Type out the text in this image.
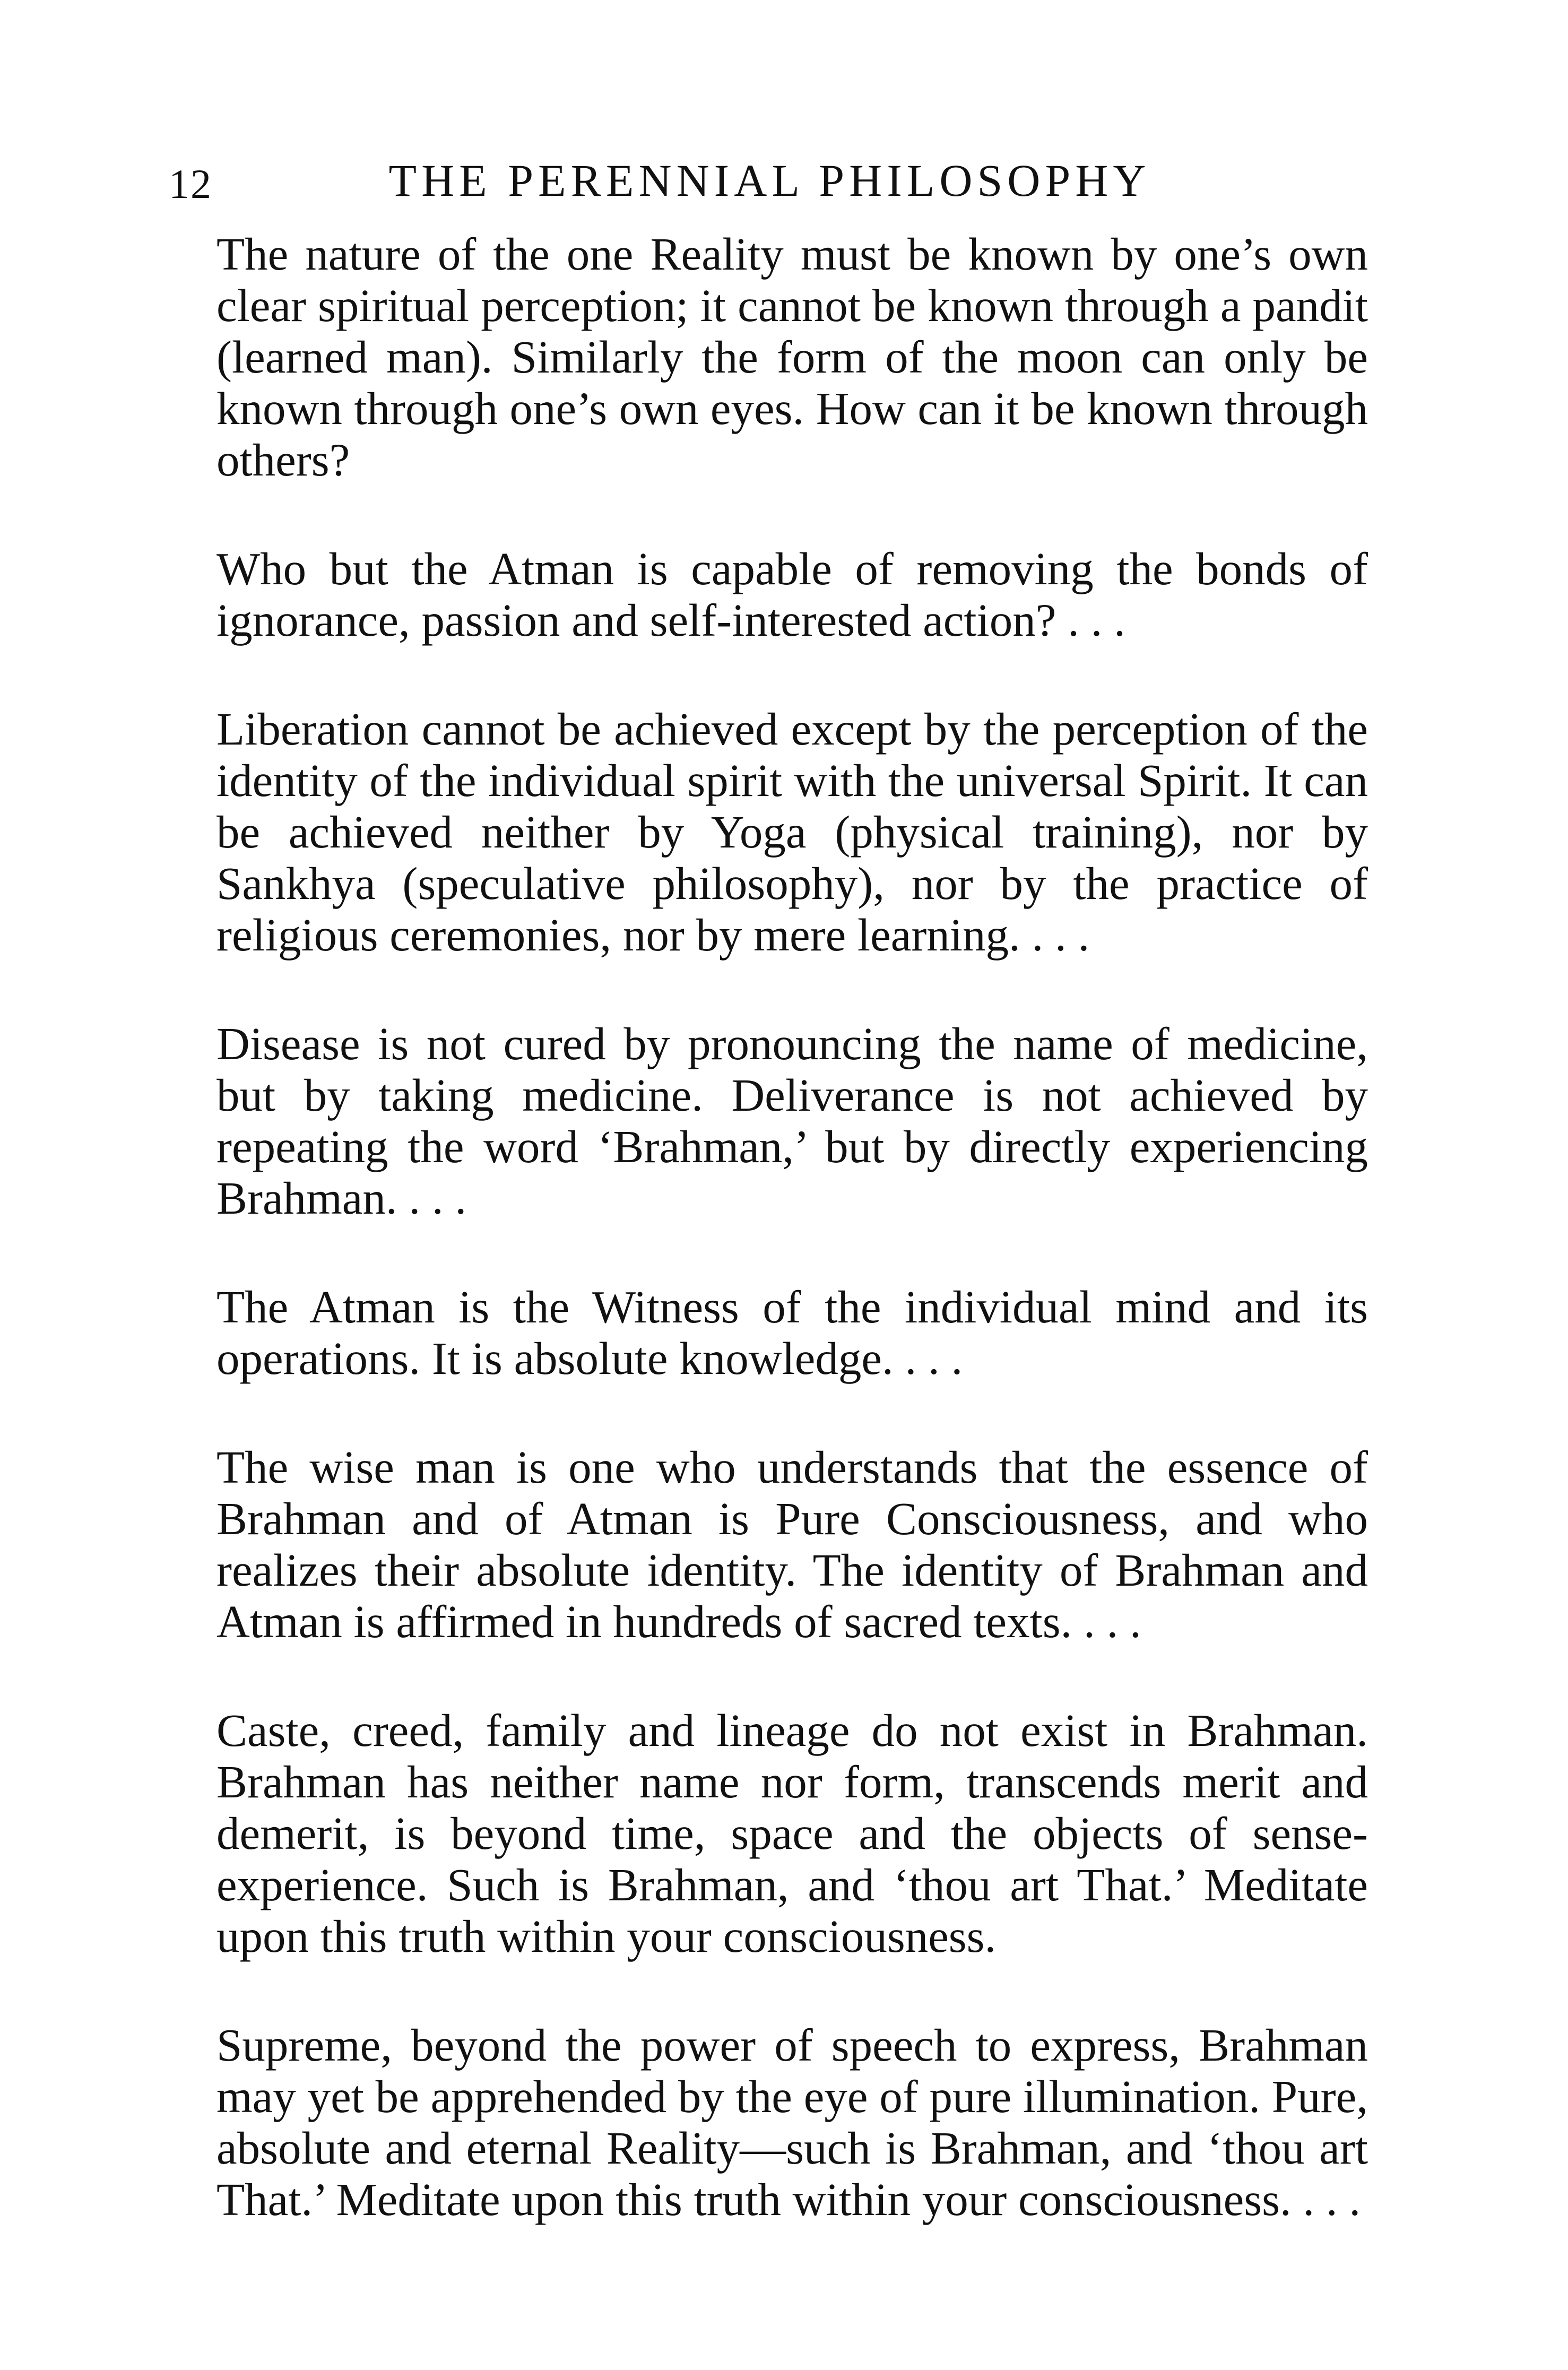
12	THE PERENNIAL PHILOSOPHY

The nature of the one Reality must be known by one’s own clear spiritual perception; it cannot be known through a pandit (learned man). Similarly the form of the moon can only be known through one’s own eyes. How can it be known through others?

Who but the Atman is capable of removing the bonds of ignorance, passion and self-interested action? . . .

Liberation cannot be achieved except by the perception of the identity of the individual spirit with the universal Spirit. It can be achieved neither by Yoga (physical training), nor by Sankhya (speculative philosophy), nor by the practice of religious ceremonies, nor by mere learning. . . .

Disease is not cured by pronouncing the name of medicine, but by taking medicine. Deliverance is not achieved by repeating the word ‘Brahman,’ but by directly experiencing Brahman. . . .

The Atman is the Witness of the individual mind and its operations. It is absolute knowledge. . . .

The wise man is one who understands that the essence of Brahman and of Atman is Pure Consciousness, and who realizes their absolute identity. The identity of Brahman and Atman is affirmed in hundreds of sacred texts. . . .

Caste, creed, family and lineage do not exist in Brahman. Brahman has neither name nor form, transcends merit and demerit, is beyond time, space and the objects of sense-experience. Such is Brahman, and ‘thou art That.’ Meditate upon this truth within your consciousness.

Supreme, beyond the power of speech to express, Brahman may yet be apprehended by the eye of pure illumination. Pure, absolute and eternal Reality—such is Brahman, and ‘thou art That.’ Meditate upon this truth within your consciousness. . . .
